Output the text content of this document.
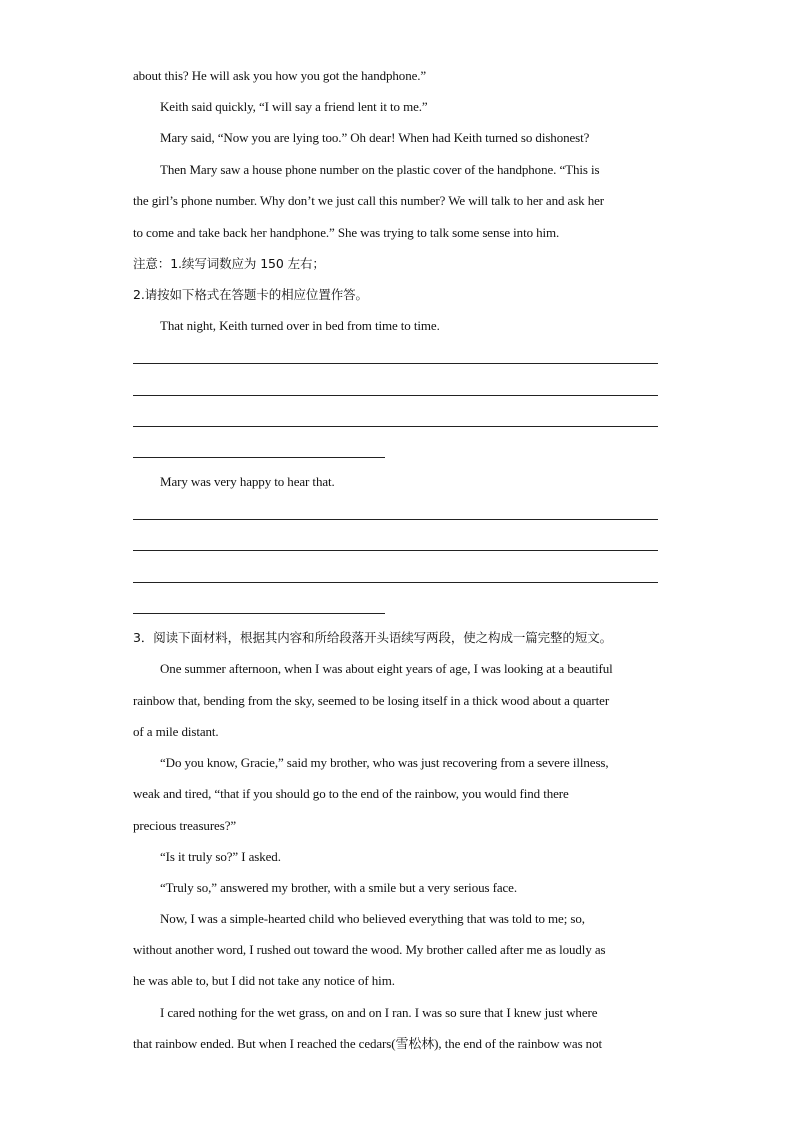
about this? He will ask you how you got the handphone.”
Keith said quickly, “I will say a friend lent it to me.”
Mary said, “Now you are lying too.” Oh dear! When had Keith turned so dishonest?
Then Mary saw a house phone number on the plastic cover of the handphone. “This is
the girl’s phone number. Why don’t we just call this number? We will talk to her and ask her
to come and take back her handphone.” She was trying to talk some sense into him.
注意：1.续写词数应为 150 左右；
2.请按如下格式在答题卡的相应位置作答。
That night, Keith turned over in bed from time to time.
Mary was very happy to hear that.
3．阅读下面材料，根据其内容和所给段落开头语续写两段，使之构成一篇完整的短文。
One summer afternoon, when I was about eight years of age, I was looking at a beautiful
rainbow that, bending from the sky, seemed to be losing itself in a thick wood about a quarter
of a mile distant.
“Do you know, Gracie,” said my brother, who was just recovering from a severe illness,
weak and tired, “that if you should go to the end of the rainbow, you would find there
precious treasures?”
“Is it truly so?” I asked.
“Truly so,” answered my brother, with a smile but a very serious face.
Now, I was a simple-hearted child who believed everything that was told to me; so,
without another word, I rushed out toward the wood. My brother called after me as loudly as
he was able to, but I did not take any notice of him.
I cared nothing for the wet grass, on and on I ran. I was so sure that I knew just where
that rainbow ended. But when I reached the cedars(雪松林), the end of the rainbow was not
